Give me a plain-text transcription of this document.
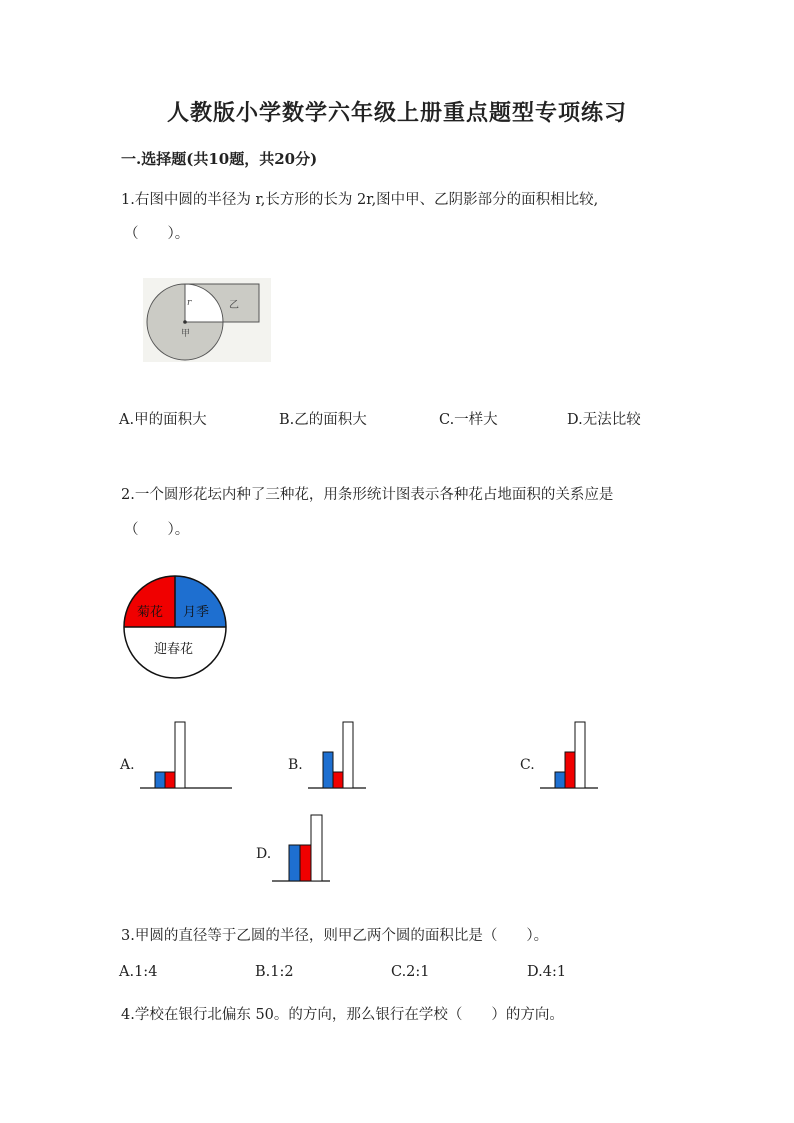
人教版小学数学六年级上册重点题型专项练习
一.选择题(共10题，共20分)
1.右图中圆的半径为 r,长方形的长为 2r,图中甲、乙阴影部分的面积相比较,
（　　）。
r	乙
甲
A.甲的面积大	B.乙的面积大	C.一样大	D.无法比较
2.一个圆形花坛内种了三种花，用条形统计图表示各种花占地面积的关系应是
（　　）。
菊花 月季
迎春花
A.	B.	C.
D.
3.甲圆的直径等于乙圆的半径，则甲乙两个圆的面积比是（　　）。
A.1:4	B.1:2	C.2:1	D.4:1
4.学校在银行北偏东 50。的方向，那么银行在学校（　　）的方向。
